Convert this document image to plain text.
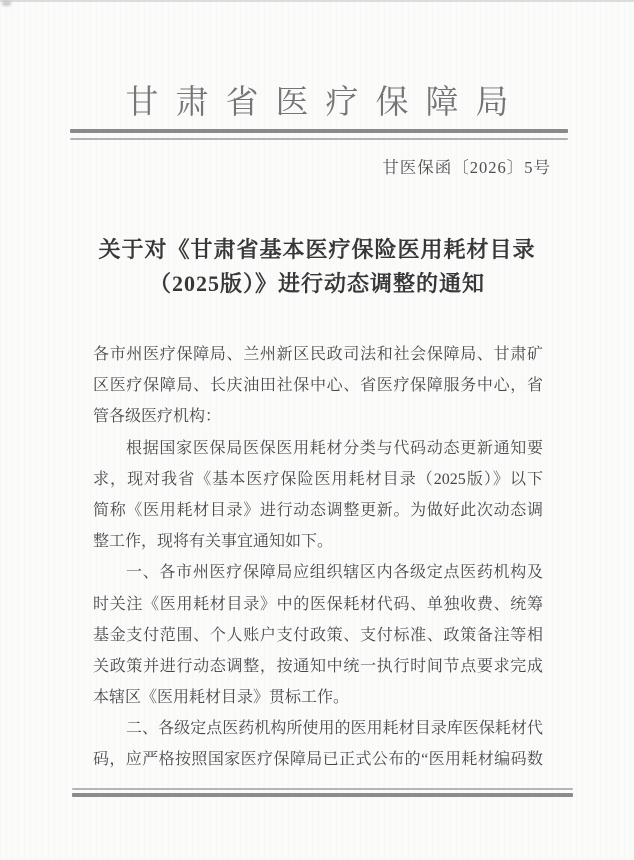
甘肃省医疗保障局
甘医保函〔2026〕5号
关于对《甘肃省基本医疗保险医用耗材目录
（2025版）》进行动态调整的通知
各市州医疗保障局、兰州新区民政司法和社会保障局、甘肃矿
区医疗保障局、长庆油田社保中心、省医疗保障服务中心，省
管各级医疗机构：
根据国家医保局医保医用耗材分类与代码动态更新通知要
求，现对我省《基本医疗保险医用耗材目录（2025版）》以下
简称《医用耗材目录》进行动态调整更新。为做好此次动态调
整工作，现将有关事宜通知如下。
一、各市州医疗保障局应组织辖区内各级定点医药机构及
时关注《医用耗材目录》中的医保耗材代码、单独收费、统筹
基金支付范围、个人账户支付政策、支付标准、政策备注等相
关政策并进行动态调整，按通知中统一执行时间节点要求完成
本辖区《医用耗材目录》贯标工作。
二、各级定点医药机构所使用的医用耗材目录库医保耗材代
码，应严格按照国家医疗保障局已正式公布的“医用耗材编码数
